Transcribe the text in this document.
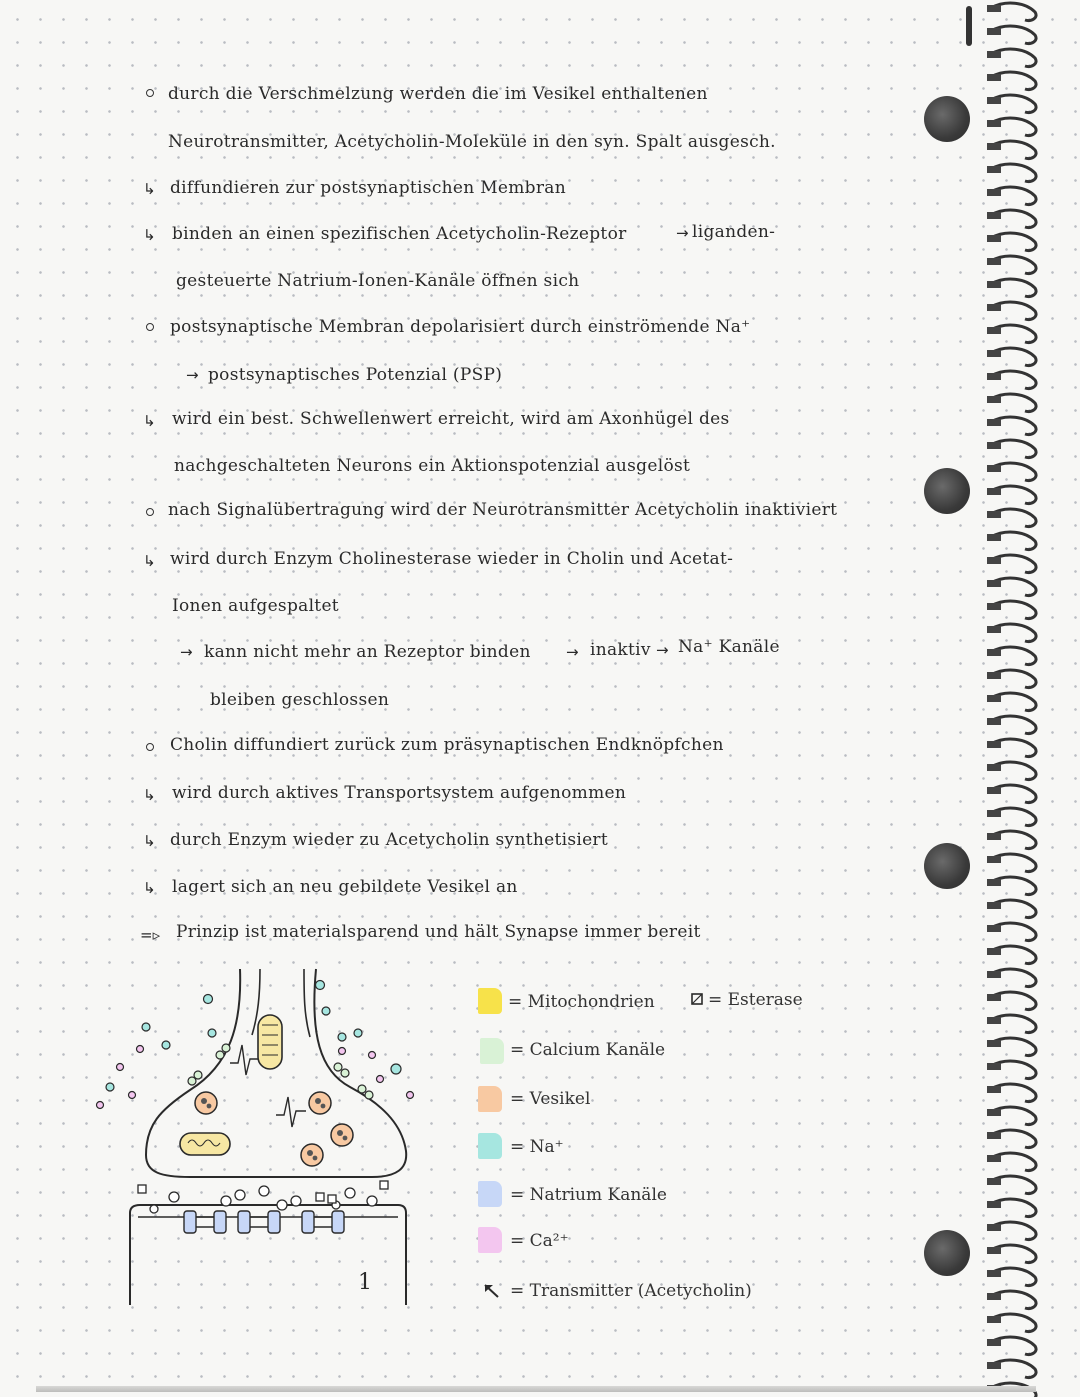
durch die Verschmelzung werden die im Vesikel enthaltenen

Neurotransmitter, Acetycholin-Moleküle in den syn. Spalt ausgesch.

↳ diffundieren zur postsynaptischen Membran

↳ binden an einen spezifischen Acetycholin-Rezeptor	→ liganden-

gesteuerte Natrium-Ionen-Kanäle öffnen sich

postsynaptische Membran depolarisiert durch einströmende Na⁺

→ postsynaptisches Potenzial (PSP)

↳ wird ein best. Schwellenwert erreicht, wird am Axonhügel des

nachgeschalteten Neurons ein Aktionspotenzial ausgelöst

nach Signalübertragung wird der Neurotransmitter Acetycholin inaktiviert

↳ wird durch Enzym Cholinesterase wieder in Cholin und Acetat-

Ionen aufgespaltet

→ kann nicht mehr an Rezeptor binden → inaktiv → Na⁺ Kanäle

bleiben geschlossen

Cholin diffundiert zurück zum präsynaptischen Endknöpfchen

↳ wird durch aktives Transportsystem aufgenommen

↳ durch Enzym wieder zu Acetycholin synthetisiert

↳ lagert sich an neu gebildete Vesikel an

=▹ Prinzip ist materialsparend und hält Synapse immer bereit

1
= Mitochondrien
= Calcium Kanäle
= Vesikel
= Na⁺
= Natrium Kanäle
= Ca²⁺
= Transmitter (Acetycholin)
= Esterase
